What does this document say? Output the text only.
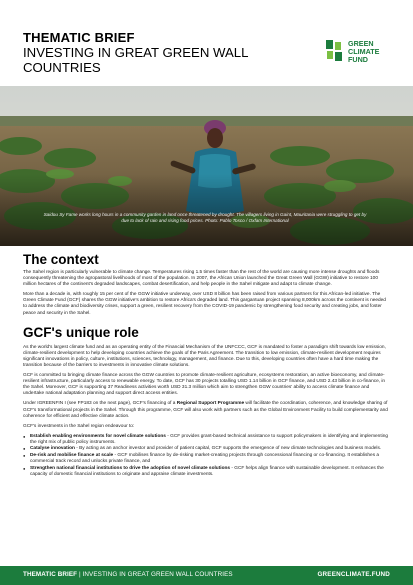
THEMATIC BRIEF
INVESTING IN GREAT GREEN WALL COUNTRIES
GREEN
CLIMATE
FUND
Saidou Sy Fame works long hours in a community garden in land once threatened by drought. The villagers living in Gaint, Mauritania were struggling to get by due to lack of rain and rising food prices. Photo: Pablo Tosco / Oxfam International
The context

The Sahel region is particularly vulnerable to climate change. Temperatures rising 1.5 times faster than the rest of the world are causing more intense droughts and floods consequently threatening the agropastoral livelihoods of most of the population. In 2007, the African Union launched the Great Green Wall (GGW) initiative to restore 100 million hectares of the continent's degraded landscapes, combat desertification, and help people in the Sahel mitigate and adapt to climate change.

More than a decade in, with roughly 15 per cent of the GGW initiative underway, over USD 8 billion has been raised from various partners for this African-led initiative. The Green Climate Fund (GCF) shares the GGW initiative's ambition to restore Africa's degraded land. This gargantuan project spanning 8,000km across the continent is needed to address the climate and biodiversity crises, support a green, resilient recovery from the COVID-19 pandemic by strengthening food security and creating jobs, and foster peace and security in the Sahel.

GCF's unique role

As the world's largest climate fund and as an operating entity of the Financial Mechanism of the UNFCCC, GCF is mandated to foster a paradigm shift towards low emission, climate-resilient development to help developing countries achieve the goals of the Paris Agreement. The transition to low emission, climate-resilient development requires significant innovations in policy, culture, institutions, sciences, technology, management, and finance. Due to this, developing countries often have a hard time making the transition because of the barriers to investments in innovative climate solutions.

GCF is committed to bringing climate finance across the GGW countries to promote climate-resilient agriculture, ecosystems restoration, an active bioeconomy, and climate-resilient infrastructure, particularly access to renewable energy. To date, GCF has 30 projects totalling USD 1.14 billion in GCF finance, and USD 2.43 billion in co-finance, in the Sahel. Moreover, GCF is supporting 37 Readiness activities worth USD 31.3 million which aim to strengthen GGW countries' ability to access climate finance and undertake national adaptation planning and support direct access entities.

Under IGREENFIN I (see FP183 on the next page), GCF's financing of a Regional Support Programme will facilitate the coordination, coherence, and knowledge sharing of GCF's transformational projects in the Sahel. Through this programme, GCF will also work with partners such as the Global Environment Facility to build complementarity and coherence for efficient and effective climate action.

GCF's investments in the Sahel region endeavour to:

● Establish enabling environments for novel climate solutions - GCF provides grant-based technical assistance to support policymakers in identifying and implementing the right mix of public policy instruments.
● Catalyse innovation - By acting as an anchor investor and provider of patient capital, GCF supports the emergence of new climate technologies and business models.
● De-risk and mobilise finance at scale - GCF mobilises finance by de-risking market-creating projects through concessional financing or co-financing. It establishes a commercial track record and unlocks private finance, and
● Strengthen national financial institutions to drive the adoption of novel climate solutions - GCF helps align finance with sustainable development. It enhances the capacity of domestic financial institutions to originate and appraise climate investments.
THEMATIC BRIEF | INVESTING IN GREAT GREEN WALL COUNTRIES	GREENCLIMATE.FUND
